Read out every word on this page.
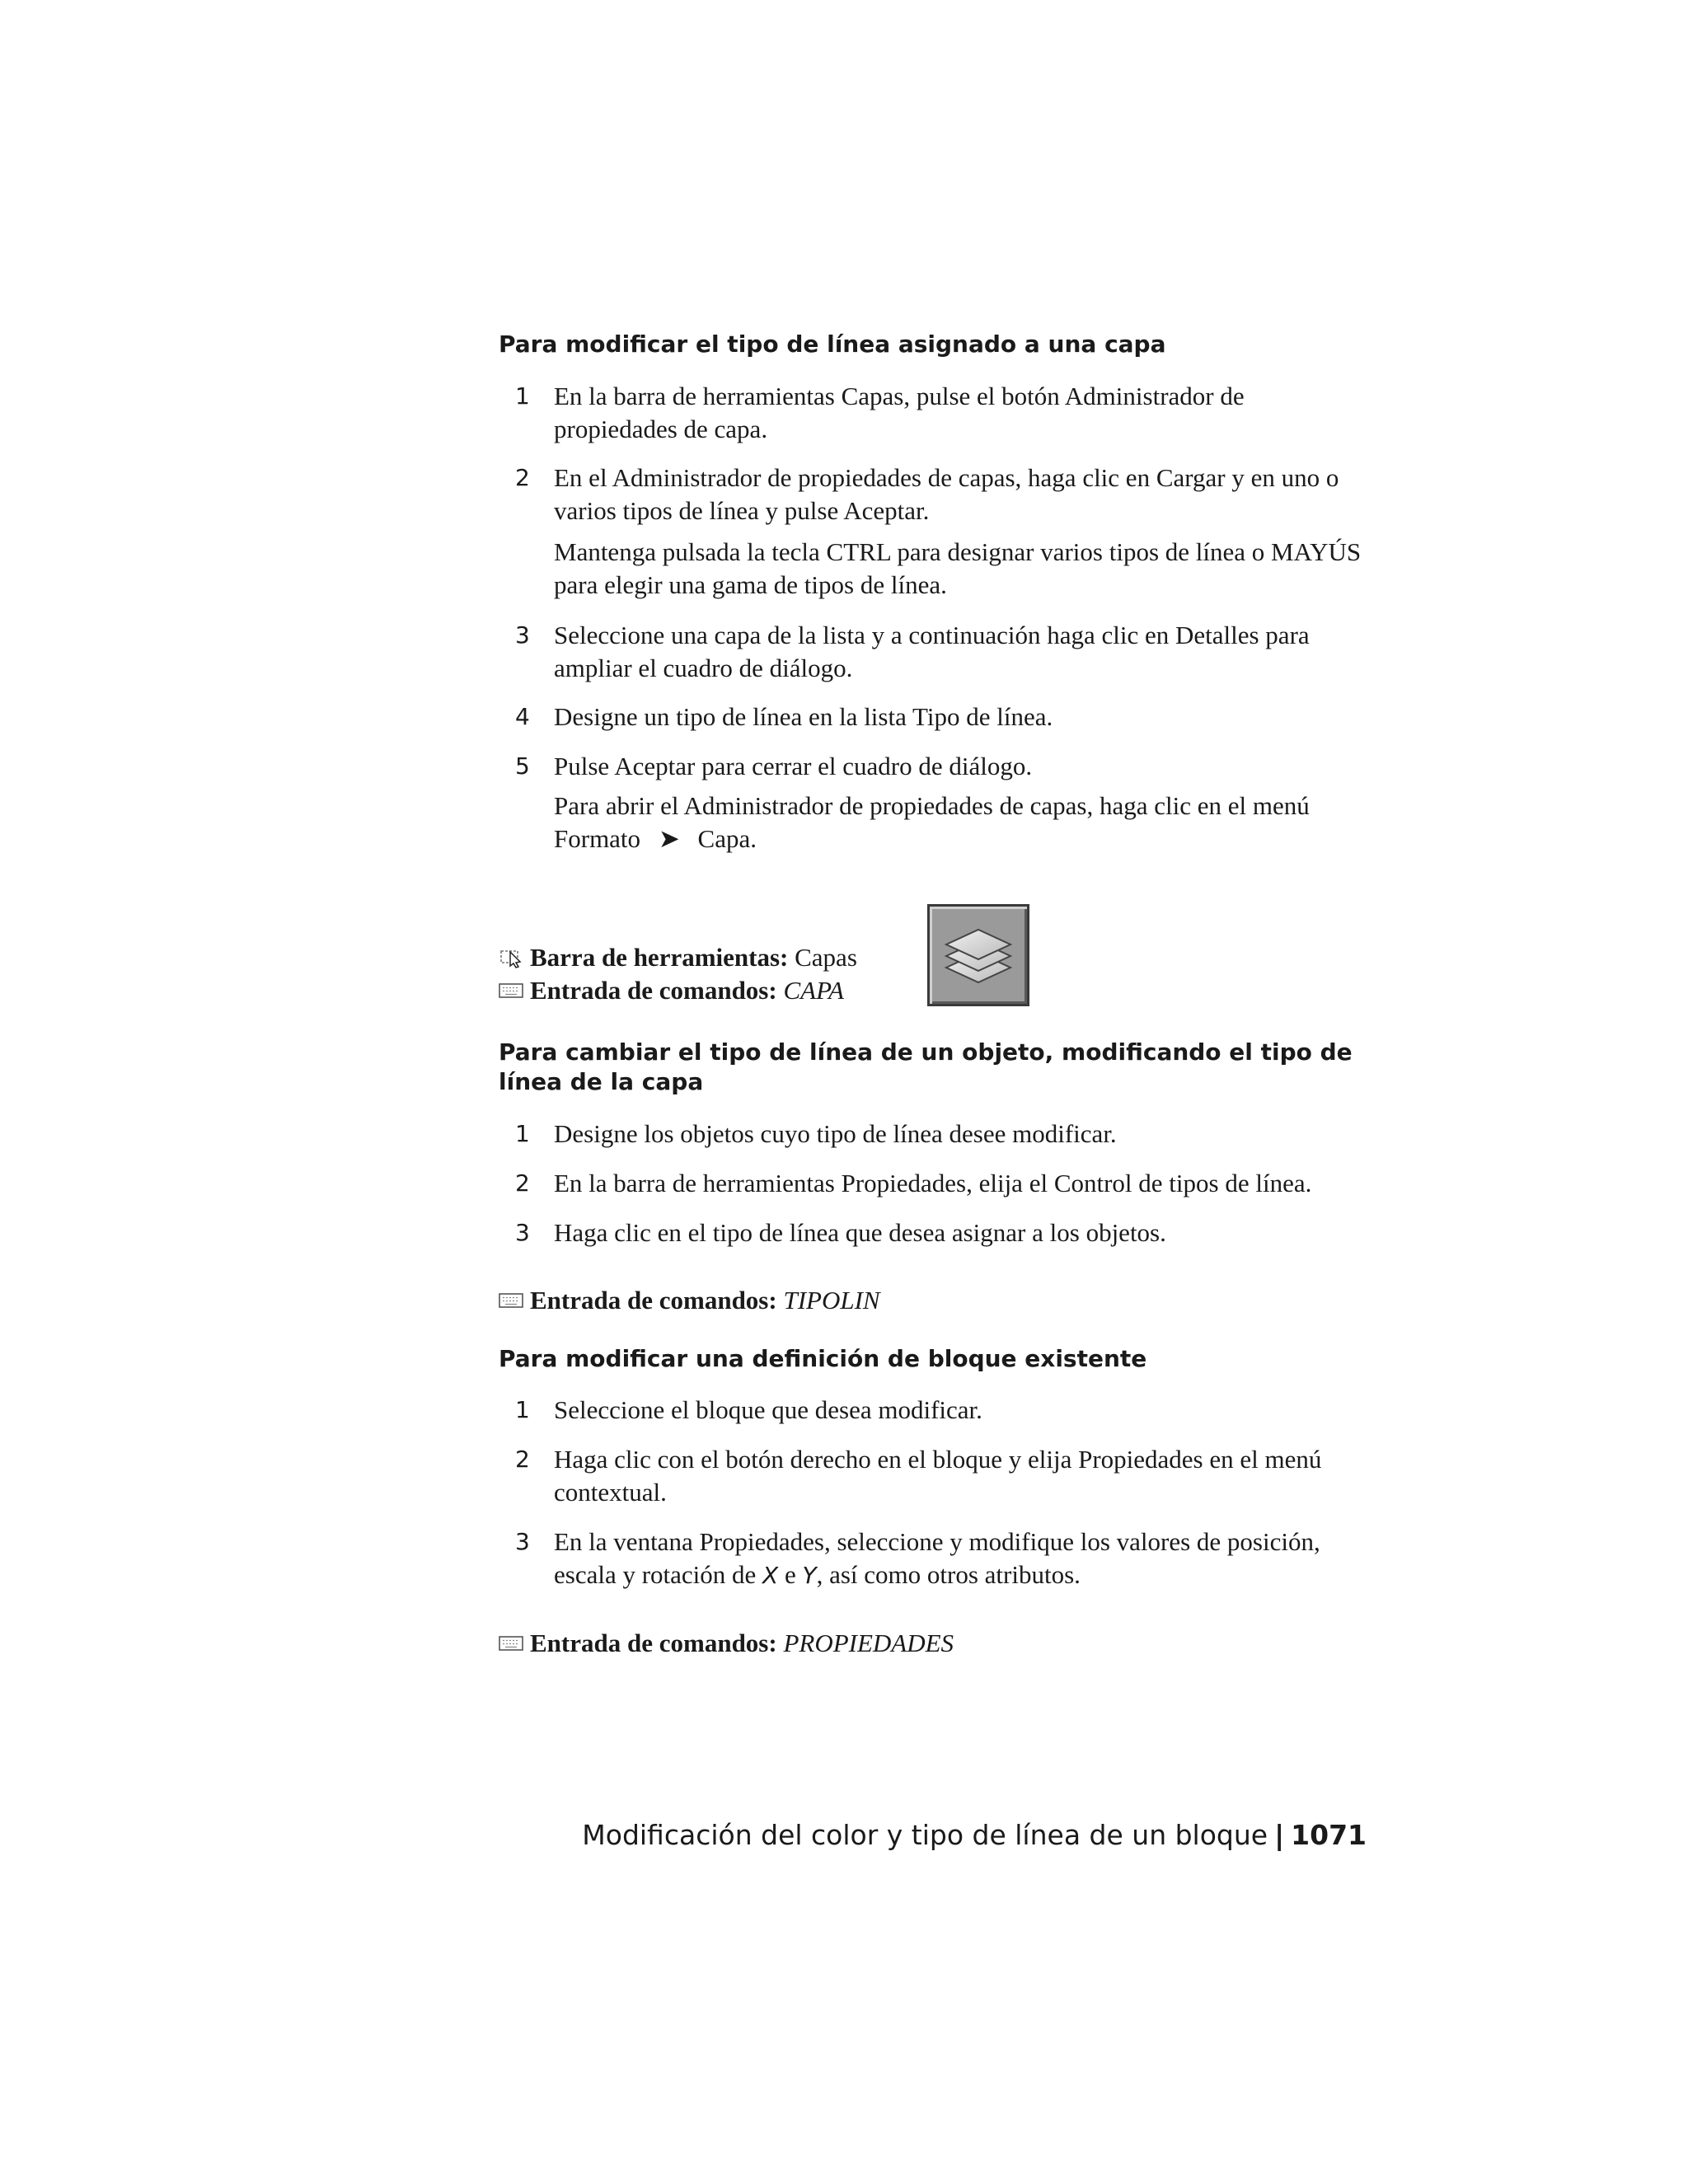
Para modificar el tipo de línea asignado a una capa
1 En la barra de herramientas Capas, pulse el botón Administrador de propiedades de capa.
2 En el Administrador de propiedades de capas, haga clic en Cargar y en uno o varios tipos de línea y pulse Aceptar.
Mantenga pulsada la tecla CTRL para designar varios tipos de línea o MAYÚS para elegir una gama de tipos de línea.
3 Seleccione una capa de la lista y a continuación haga clic en Detalles para ampliar el cuadro de diálogo.
4 Designe un tipo de línea en la lista Tipo de línea.
5 Pulse Aceptar para cerrar el cuadro de diálogo.
Para abrir el Administrador de propiedades de capas, haga clic en el menú Formato ➤ Capa.
Barra de herramientas: Capas
Entrada de comandos: CAPA
Para cambiar el tipo de línea de un objeto, modificando el tipo de línea de la capa
1 Designe los objetos cuyo tipo de línea desee modificar.
2 En la barra de herramientas Propiedades, elija el Control de tipos de línea.
3 Haga clic en el tipo de línea que desea asignar a los objetos.
Entrada de comandos: TIPOLIN
Para modificar una definición de bloque existente
1 Seleccione el bloque que desea modificar.
2 Haga clic con el botón derecho en el bloque y elija Propiedades en el menú contextual.
3 En la ventana Propiedades, seleccione y modifique los valores de posición, escala y rotación de X e Y, así como otros atributos.
Entrada de comandos: PROPIEDADES
Modificación del color y tipo de línea de un bloque | 1071
